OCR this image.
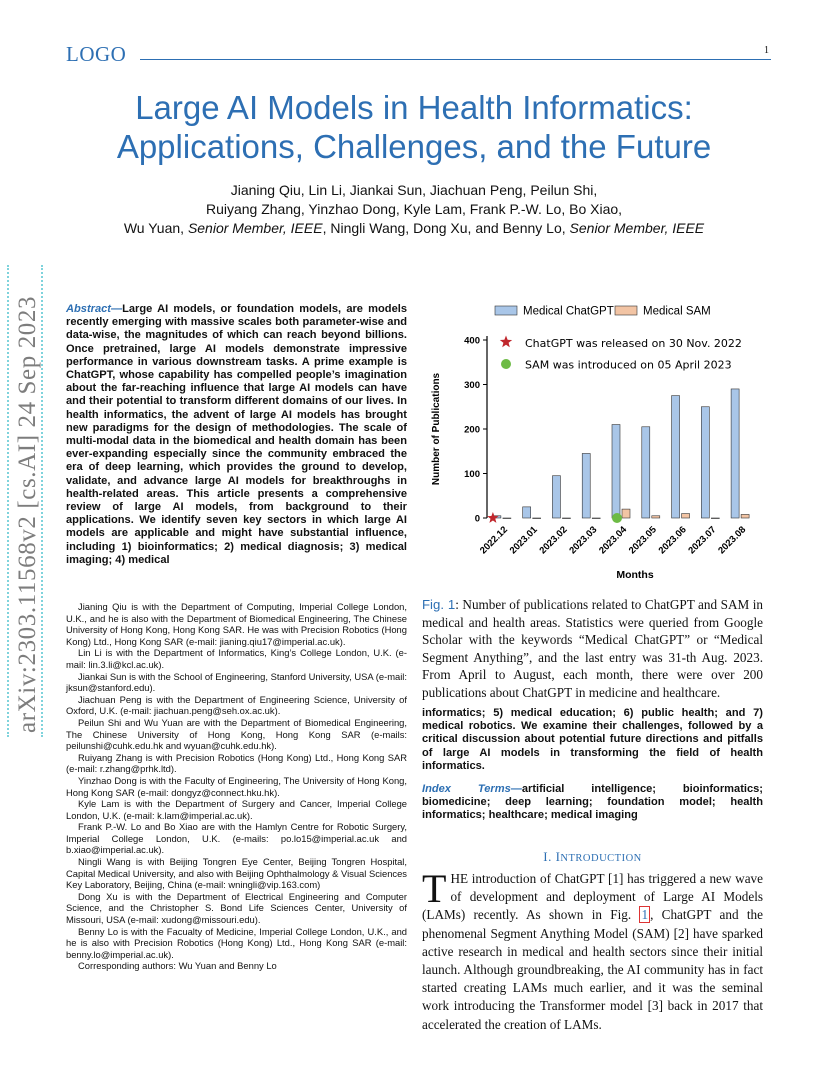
LOGO	1
Large AI Models in Health Informatics:
Applications, Challenges, and the Future
Jianing Qiu, Lin Li, Jiankai Sun, Jiachuan Peng, Peilun Shi,
Ruiyang Zhang, Yinzhao Dong, Kyle Lam, Frank P.-W. Lo, Bo Xiao,
Wu Yuan, Senior Member, IEEE, Ningli Wang, Dong Xu, and Benny Lo, Senior Member, IEEE
arXiv:2303.11568v2 [cs.AI] 24 Sep 2023 Abstract—Large AI models, or foundation models, are models recently emerging with massive scales both parameter-wise and data-wise, the magnitudes of which can reach beyond billions. Once pretrained, large AI models demonstrate impressive performance in various downstream tasks. A prime example is ChatGPT, whose capability has compelled people’s imagination about the far-reaching influence that large AI models can have and their potential to transform different domains of our lives. In health informatics, the advent of large AI models has brought new paradigms for the design of methodologies. The scale of multi-modal data in the biomedical and health domain has been ever-expanding especially since the community embraced the era of deep learning, which provides the ground to develop, validate, and advance large AI models for breakthroughs in health-related areas. This article presents a comprehensive review of large AI models, from background to their applications. We identify seven key sectors in which large AI models are applicable and might have substantial influence, including 1) bioinformatics; 2) medical diagnosis; 3) medical imaging; 4) medical

Jianing Qiu is with the Department of Computing, Imperial College London, U.K., and he is also with the Department of Biomedical Engineering, The Chinese University of Hong Kong, Hong Kong SAR. He was with Precision Robotics (Hong Kong) Ltd., Hong Kong SAR (e-mail: jianing.qiu17@imperial.ac.uk).

Lin Li is with the Department of Informatics, King’s College London, U.K. (e-mail: lin.3.li@kcl.ac.uk).

Jiankai Sun is with the School of Engineering, Stanford University, USA (e-mail: jksun@stanford.edu).

Jiachuan Peng is with the Department of Engineering Science, University of Oxford, U.K. (e-mail: jiachuan.peng@seh.ox.ac.uk).

Peilun Shi and Wu Yuan are with the Department of Biomedical Engineering, The Chinese University of Hong Kong, Hong Kong SAR (e-mails: peilunshi@cuhk.edu.hk and wyuan@cuhk.edu.hk).

Ruiyang Zhang is with Precision Robotics (Hong Kong) Ltd., Hong Kong SAR (e-mail: r.zhang@prhk.ltd).

Yinzhao Dong is with the Faculty of Engineering, The University of Hong Kong, Hong Kong SAR (e-mail: dongyz@connect.hku.hk).

Kyle Lam is with the Department of Surgery and Cancer, Imperial College London, U.K. (e-mail: k.lam@imperial.ac.uk).

Frank P.-W. Lo and Bo Xiao are with the Hamlyn Centre for Robotic Surgery, Imperial College London, U.K. (e-mails: po.lo15@imperial.ac.uk and b.xiao@imperial.ac.uk).

Ningli Wang is with Beijing Tongren Eye Center, Beijing Tongren Hospital, Capital Medical University, and also with Beijing Ophthalmology & Visual Sciences Key Laboratory, Beijing, China (e-mail: wningli@vip.163.com)

Dong Xu is with the Department of Electrical Engineering and Computer Science, and the Christopher S. Bond Life Sciences Center, University of Missouri, USA (e-mail: xudong@missouri.edu).

Benny Lo is with the Facualty of Medicine, Imperial College London, U.K., and he is also with Precision Robotics (Hong Kong) Ltd., Hong Kong SAR (e-mail: benny.lo@imperial.ac.uk).

Corresponding authors: Wu Yuan and Benny Lo

0
100
200
300
400
Number of Publications
2022.12
2023.01
2023.02
2023.03
2023.04
2023.05
2023.06
2023.07
2023.08
Months
Medical ChatGPT	Medical SAM
ChatGPT was released on 30 Nov. 2022
SAM was introduced on 05 April 2023
Fig. 1: Number of publications related to ChatGPT and SAM in medical and health areas. Statistics were queried from Google Scholar with the keywords “Medical ChatGPT” or “Medical Segment Anything”, and the last entry was 31-th Aug. 2023. From April to August, each month, there were over 200 publications about ChatGPT in medicine and healthcare.
informatics; 5) medical education; 6) public health; and 7) medical robotics. We examine their challenges, followed by a critical discussion about potential future directions and pitfalls of large AI models in transforming the field of health informatics.
Index Terms—artificial intelligence; bioinformatics; biomedicine; deep learning; foundation model; health informatics; healthcare; medical imaging
I. INTRODUCTION
THE introduction of ChatGPT [1] has triggered a new wave of development and deployment of Large AI Models (LAMs) recently. As shown in Fig. 1 , ChatGPT and the phenomenal Segment Anything Model (SAM) [2] have sparked active research in medical and health sectors since their initial launch. Although groundbreaking, the AI community has in fact started creating LAMs much earlier, and it was the seminal work introducing the Transformer model [3] back in 2017 that accelerated the creation of LAMs.
